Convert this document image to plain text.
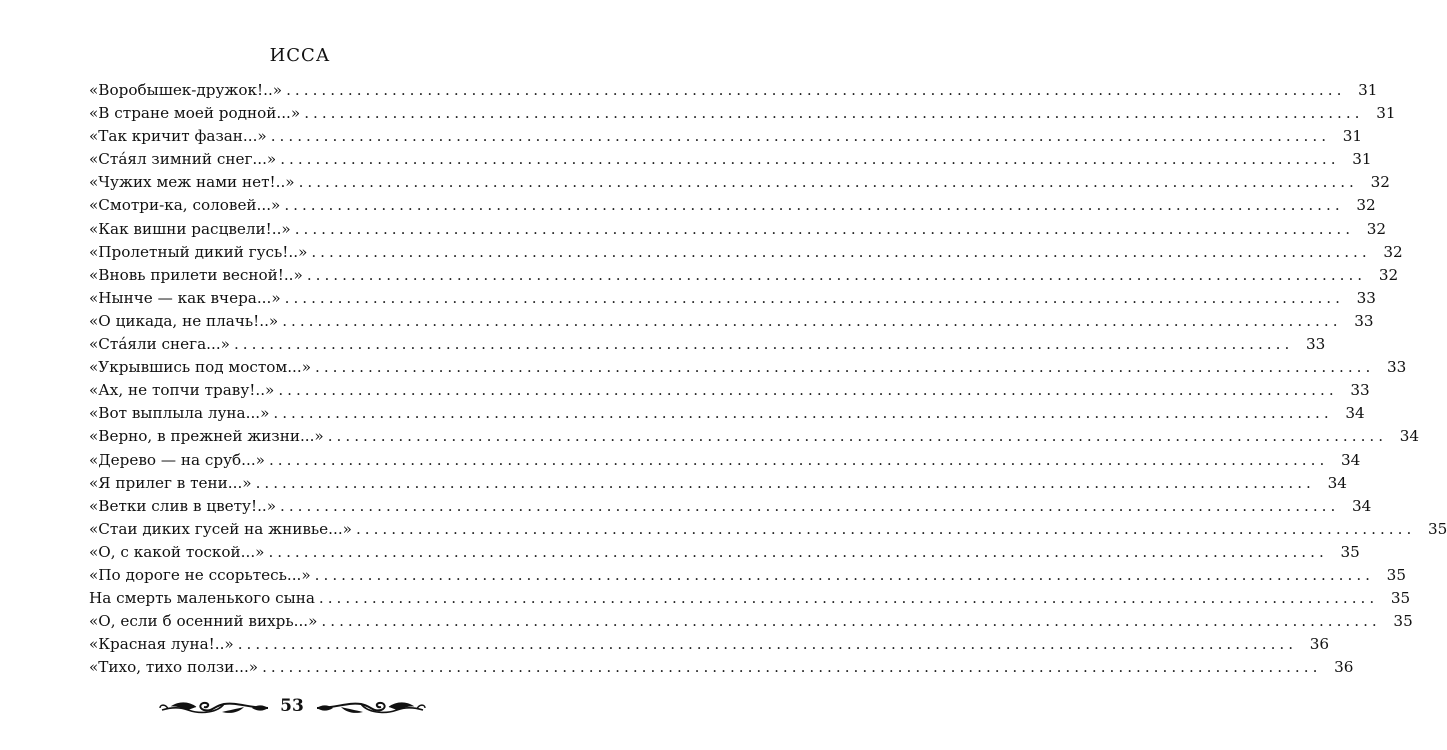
ИССА
«Воробышек-дружок!..» ........................................................................................................................ 31
«В стране моей родной...» ........................................................................................................................ 31
«Так кричит фазан...» ........................................................................................................................ 31
«Ста́ял зимний снег...» ........................................................................................................................ 31
«Чужих меж нами нет!..» ........................................................................................................................ 32
«Смотри-ка, соловей...» ........................................................................................................................ 32
«Как вишни расцвели!..» ........................................................................................................................ 32
«Пролетный дикий гусь!..» ........................................................................................................................ 32
«Вновь прилети весной!..» ........................................................................................................................ 32
«Нынче — как вчера...» ........................................................................................................................ 33
«О цикада, не плачь!..» ........................................................................................................................ 33
«Ста́яли снега...» ........................................................................................................................ 33
«Укрывшись под мостом...» ........................................................................................................................ 33
«Ах, не топчи траву!..» ........................................................................................................................ 33
«Вот выплыла луна...» ........................................................................................................................ 34
«Верно, в прежней жизни...» ........................................................................................................................ 34
«Дерево — на сруб...» ........................................................................................................................ 34
«Я прилег в тени...» ........................................................................................................................ 34
«Ветки слив в цвету!..» ........................................................................................................................ 34
«Стаи диких гусей на жнивье...» ........................................................................................................................ 35
«О, с какой тоской...» ........................................................................................................................ 35
«По дороге не ссорьтесь...» ........................................................................................................................ 35
На смерть маленького сына ........................................................................................................................ 35
«О, если б осенний вихрь...» ........................................................................................................................ 35
«Красная луна!..» ........................................................................................................................ 36
«Тихо, тихо ползи...» ........................................................................................................................ 36
53
